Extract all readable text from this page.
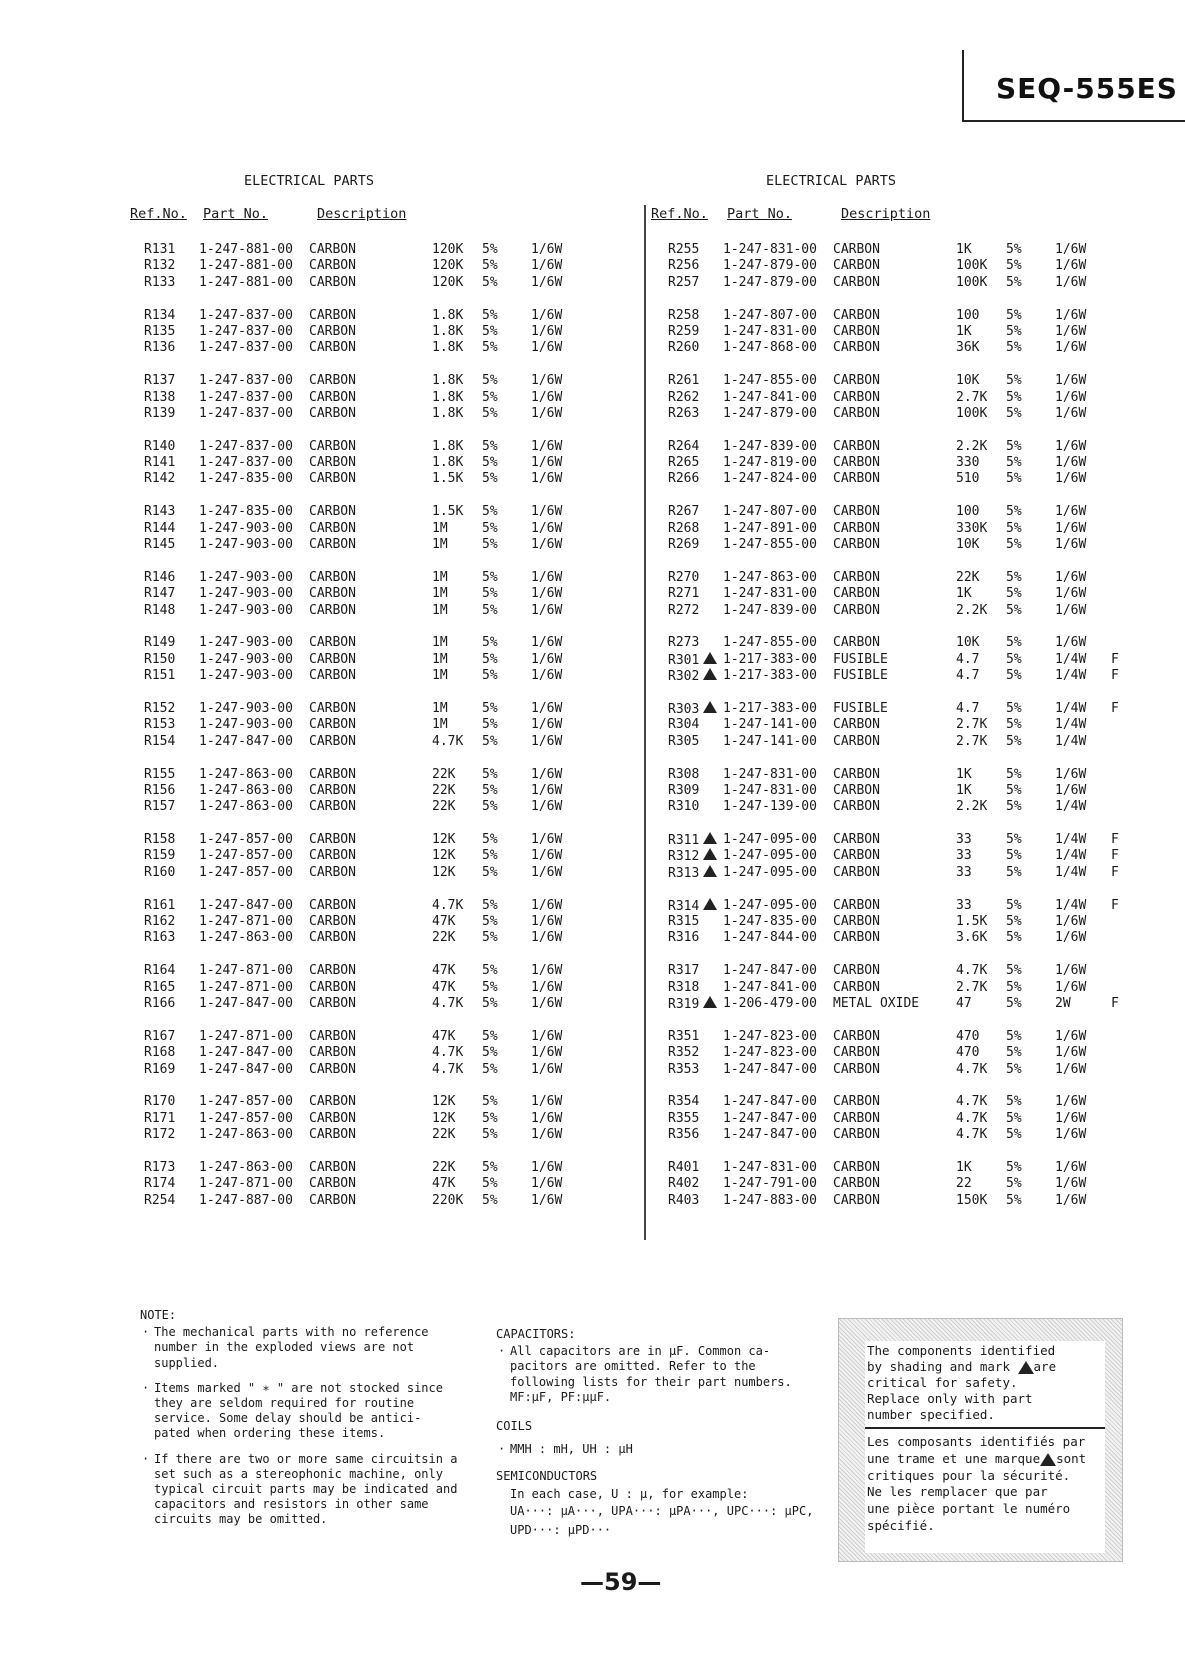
SEQ-555ES
ELECTRICAL PARTS
Ref.No. Part No.	Description
ELECTRICAL PARTS
Ref.No. Part No.	Description
R131 1-247-881-00 CARBON	120K 5%	1/6W
R132 1-247-881-00 CARBON	120K 5%	1/6W
R133 1-247-881-00 CARBON	120K 5%	1/6W
R134 1-247-837-00 CARBON	1.8K 5%	1/6W
R135 1-247-837-00 CARBON	1.8K 5%	1/6W
R136 1-247-837-00 CARBON	1.8K 5%	1/6W
R137 1-247-837-00 CARBON	1.8K 5%	1/6W
R138 1-247-837-00 CARBON	1.8K 5%	1/6W
R139 1-247-837-00 CARBON	1.8K 5%	1/6W
R140 1-247-837-00 CARBON	1.8K 5%	1/6W
R141 1-247-837-00 CARBON	1.8K 5%	1/6W
R142 1-247-835-00 CARBON	1.5K 5%	1/6W
R143 1-247-835-00 CARBON	1.5K 5%	1/6W
R144 1-247-903-00 CARBON	1M	5%	1/6W
R145 1-247-903-00 CARBON	1M	5%	1/6W
R146 1-247-903-00 CARBON	1M	5%	1/6W
R147 1-247-903-00 CARBON	1M	5%	1/6W
R148 1-247-903-00 CARBON	1M	5%	1/6W
R149 1-247-903-00 CARBON	1M	5%	1/6W
R150 1-247-903-00 CARBON	1M	5%	1/6W
R151 1-247-903-00 CARBON	1M	5%	1/6W
R152 1-247-903-00 CARBON	1M	5%	1/6W
R153 1-247-903-00 CARBON	1M	5%	1/6W
R154 1-247-847-00 CARBON	4.7K 5%	1/6W
R155 1-247-863-00 CARBON	22K 5%	1/6W
R156 1-247-863-00 CARBON	22K 5%	1/6W
R157 1-247-863-00 CARBON	22K 5%	1/6W
R158 1-247-857-00 CARBON	12K 5%	1/6W
R159 1-247-857-00 CARBON	12K 5%	1/6W
R160 1-247-857-00 CARBON	12K 5%	1/6W
R161 1-247-847-00 CARBON	4.7K 5%	1/6W
R162 1-247-871-00 CARBON	47K 5%	1/6W
R163 1-247-863-00 CARBON	22K 5%	1/6W
R164 1-247-871-00 CARBON	47K 5%	1/6W
R165 1-247-871-00 CARBON	47K 5%	1/6W
R166 1-247-847-00 CARBON	4.7K 5%	1/6W
R167 1-247-871-00 CARBON	47K 5%	1/6W
R168 1-247-847-00 CARBON	4.7K 5%	1/6W
R169 1-247-847-00 CARBON	4.7K 5%	1/6W
R170 1-247-857-00 CARBON	12K 5%	1/6W
R171 1-247-857-00 CARBON	12K 5%	1/6W
R172 1-247-863-00 CARBON	22K 5%	1/6W
R173 1-247-863-00 CARBON	22K 5%	1/6W
R174 1-247-871-00 CARBON	47K 5%	1/6W
R254 1-247-887-00 CARBON	220K 5%	1/6W
R255 1-247-831-00 CARBON	1K	5%	1/6W
R256 1-247-879-00 CARBON	100K 5%	1/6W
R257 1-247-879-00 CARBON	100K 5%	1/6W
R258 1-247-807-00 CARBON	100 5%	1/6W
R259 1-247-831-00 CARBON	1K	5%	1/6W
R260 1-247-868-00 CARBON	36K 5%	1/6W
R261 1-247-855-00 CARBON	10K 5%	1/6W
R262 1-247-841-00 CARBON	2.7K 5%	1/6W
R263 1-247-879-00 CARBON	100K 5%	1/6W
R264 1-247-839-00 CARBON	2.2K 5%	1/6W
R265 1-247-819-00 CARBON	330 5%	1/6W
R266 1-247-824-00 CARBON	510 5%	1/6W
R267 1-247-807-00 CARBON	100 5%	1/6W
R268 1-247-891-00 CARBON	330K 5%	1/6W
R269 1-247-855-00 CARBON	10K 5%	1/6W
R270 1-247-863-00 CARBON	22K 5%	1/6W
R271 1-247-831-00 CARBON	1K	5%	1/6W
R272 1-247-839-00 CARBON	2.2K 5%	1/6W
R273 1-247-855-00 CARBON	10K 5%	1/6W
R301	1-217-383-00 FUSIBLE	4.7 5%	1/4W F
R302	1-217-383-00 FUSIBLE	4.7 5%	1/4W F
R303	1-217-383-00 FUSIBLE	4.7 5%	1/4W F
R304 1-247-141-00 CARBON	2.7K 5%	1/4W
R305 1-247-141-00 CARBON	2.7K 5%	1/4W
R308 1-247-831-00 CARBON	1K	5%	1/6W
R309 1-247-831-00 CARBON	1K	5%	1/6W
R310 1-247-139-00 CARBON	2.2K 5%	1/4W
R311	1-247-095-00 CARBON	33	5%	1/4W F
R312	1-247-095-00 CARBON	33	5%	1/4W F
R313	1-247-095-00 CARBON	33	5%	1/4W F
R314	1-247-095-00 CARBON	33	5%	1/4W F
R315 1-247-835-00 CARBON	1.5K 5%	1/6W
R316 1-247-844-00 CARBON	3.6K 5%	1/6W
R317 1-247-847-00 CARBON	4.7K 5%	1/6W
R318 1-247-841-00 CARBON	2.7K 5%	1/6W
R319	1-206-479-00 METAL OXIDE	47	5%	2W	F
R351 1-247-823-00 CARBON	470 5%	1/6W
R352 1-247-823-00 CARBON	470 5%	1/6W
R353 1-247-847-00 CARBON	4.7K 5%	1/6W
R354 1-247-847-00 CARBON	4.7K 5%	1/6W
R355 1-247-847-00 CARBON	4.7K 5%	1/6W
R356 1-247-847-00 CARBON	4.7K 5%	1/6W
R401 1-247-831-00 CARBON	1K	5%	1/6W
R402 1-247-791-00 CARBON	22	5%	1/6W
R403 1-247-883-00 CARBON	150K 5%	1/6W
NOTE:
· The mechanical parts with no reference
number in the exploded views are not
supplied.
· Items marked " ∗ " are not stocked since
they are seldom required for routine
service. Some delay should be antici-
pated when ordering these items.
· If there are two or more same circuitsin a
set such as a stereophonic machine, only
typical circuit parts may be indicated and
capacitors and resistors in other same
circuits may be omitted.
CAPACITORS:
· All capacitors are in μF. Common ca-
pacitors are omitted. Refer to the
following lists for their part numbers.
MF:μF, PF:μμF.
COILS
· MMH : mH, UH : μH
SEMICONDUCTORS
In each case, U : μ, for example:
UA···: μA···, UPA···: μPA···, UPC···: μPC,
UPD···: μPD···
The components identified
by shading and mark are
critical for safety.
Replace only with part
number specified.
Les composants identifiés par
une trame et une marque sont
critiques pour la sécurité.
Ne les remplacer que par
une pièce portant le numéro
spécifié.
—59—
